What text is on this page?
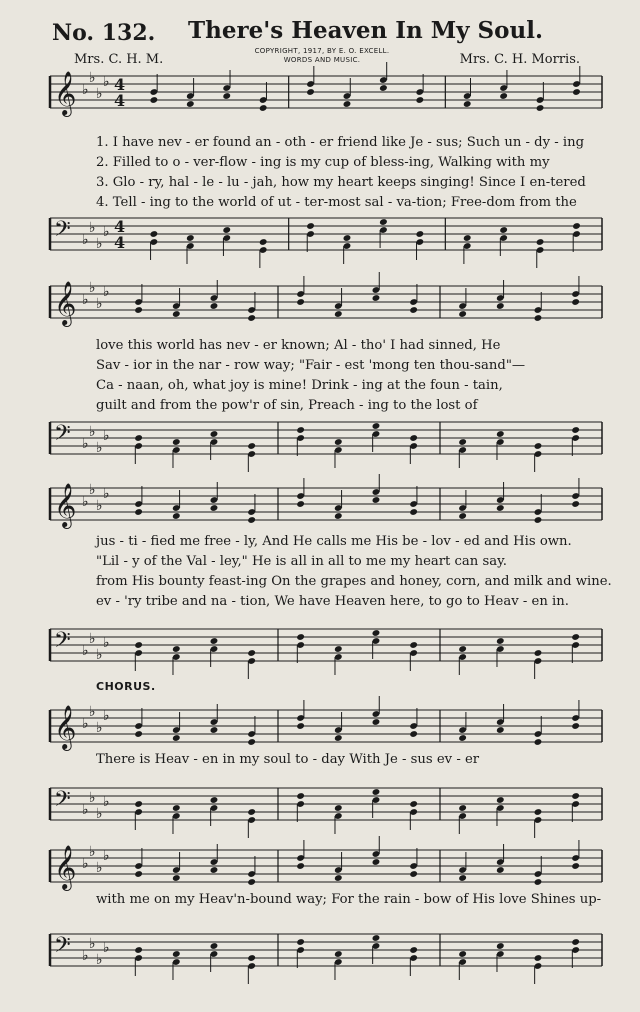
No. 132. There's Heaven In My Soul.
Mrs. C. H. M.
COPYRIGHT, 1917, BY E. O. EXCELL.
WORDS AND MUSIC.	Mrs. C. H. Morris.
𝄞 ♭
♭
♭
♭ 4
4
𝄢 ♭
♭
♭
♭ 4
4
1. I have nev - er found an - oth - er friend like Je - sus; Such un - dy - ing
2. Filled to o - ver-flow - ing is my cup of bless-ing, Walking with my
3. Glo - ry, hal - le - lu - jah, how my heart keeps singing! Since I en-tered
4. Tell - ing to the world of ut - ter-most sal - va-tion; Free-dom from the
𝄞 ♭
♭
♭
♭
𝄢 ♭
♭
♭
♭
love this world has nev - er known; Al - tho' I had sinned, He
Sav - ior in the nar - row way; "Fair - est 'mong ten thou-sand"—
Ca - naan, oh, what joy is mine! Drink - ing at the foun - tain,
guilt and from the pow'r of sin, Preach - ing to the lost of
𝄞 ♭
♭
♭
♭
𝄢 ♭
♭
♭
♭
jus - ti - fied me free - ly, And He calls me His be - lov - ed and His own.
"Lil - y of the Val - ley," He is all in all to me my heart can say.
from His bounty feast-ing On the grapes and honey, corn, and milk and wine.
ev - 'ry tribe and na - tion, We have Heaven here, to go to Heav - en in.
CHORUS.
𝄞 ♭
♭
♭
♭
𝄢 ♭
♭
♭
♭
There is Heav - en in my soul to - day With Je - sus ev - er
𝄞 ♭
♭
♭
♭
𝄢 ♭
♭
♭
♭
with me on my Heav'n-bound way; For the rain - bow of His love Shines up-
